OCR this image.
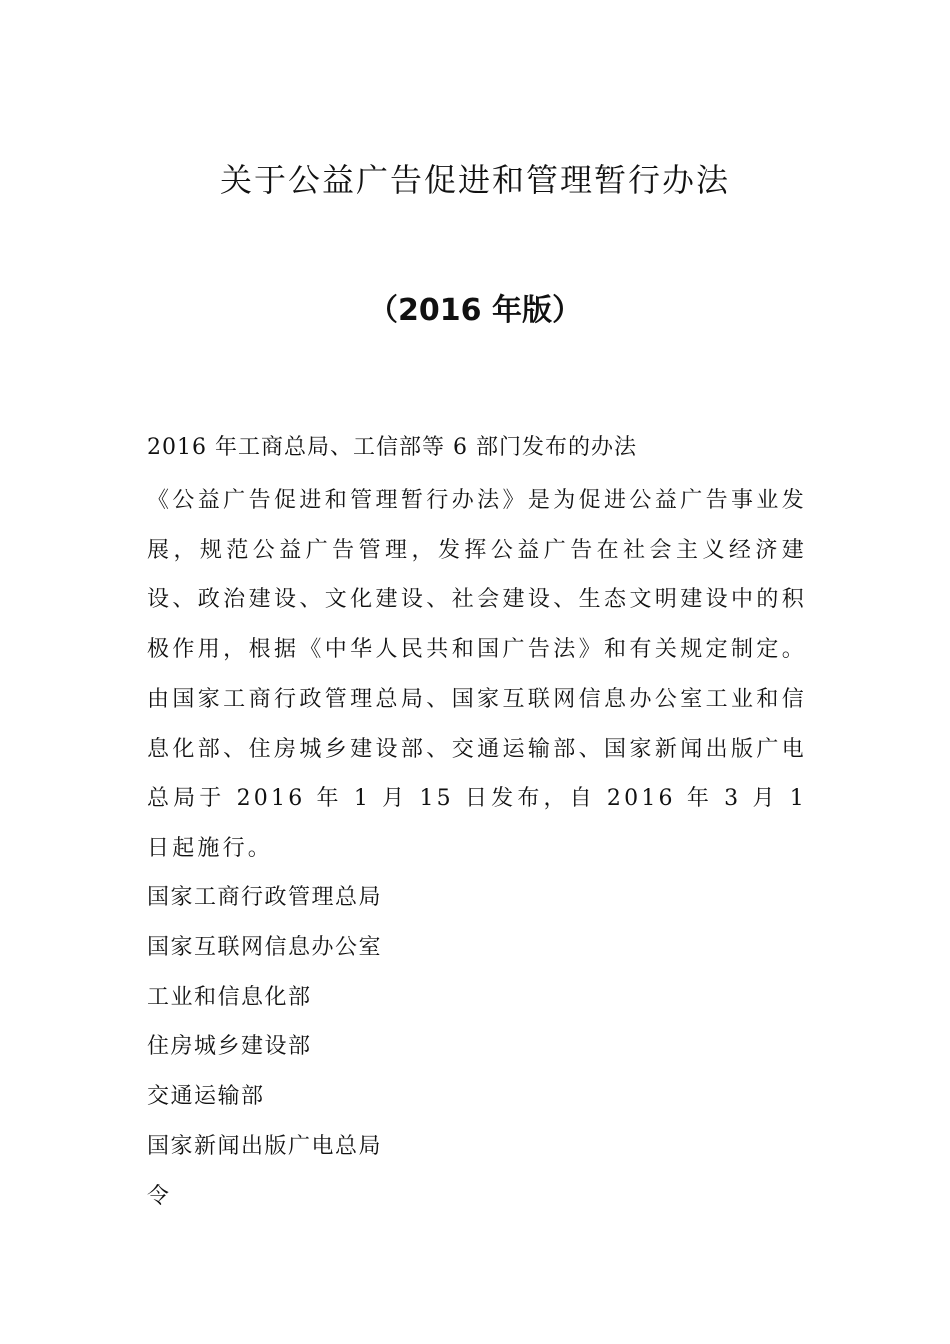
关于公益广告促进和管理暂行办法
（2016 年版）
2016 年工商总局、工信部等 6 部门发布的办法
《公益广告促进和管理暂行办法》是为促进公益广告事业发展，规范公益广告管理，发挥公益广告在社会主义经济建设、政治建设、文化建设、社会建设、生态文明建设中的积极作用，根据《中华人民共和国广告法》和有关规定制定。由国家工商行政管理总局、国家互联网信息办公室工业和信息化部、住房城乡建设部、交通运输部、国家新闻出版广电总局于 2016 年 1 月 15 日发布，自 2016 年 3 月 1 日起施行。
国家工商行政管理总局
国家互联网信息办公室
工业和信息化部
住房城乡建设部
交通运输部
国家新闻出版广电总局
令
